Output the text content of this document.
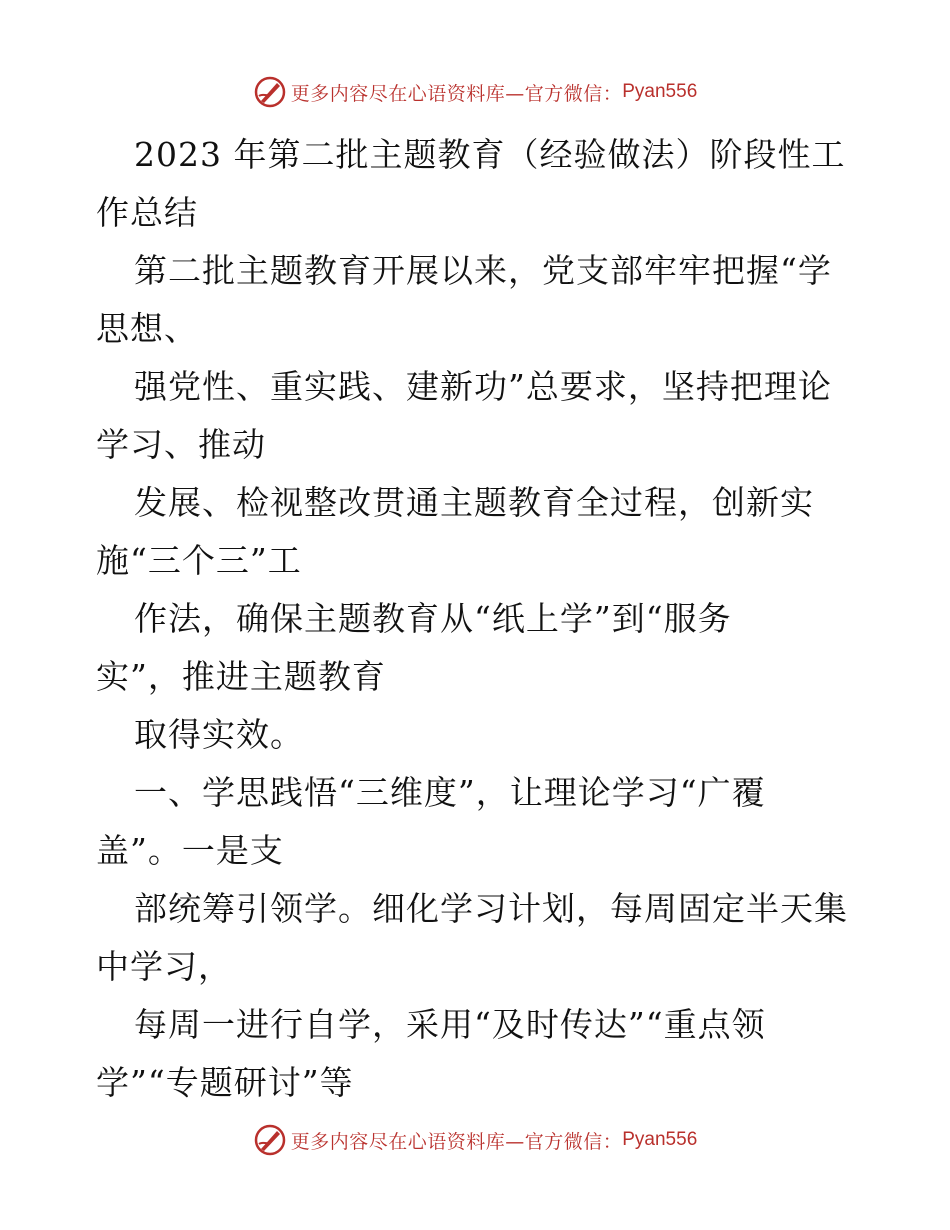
更多内容尽在心语资料库—官方微信： Pyan556
2023 年第二批主题教育（经验做法）阶段性工
作总结
第二批主题教育开展以来，党支部牢牢把握“学
思想、
强党性、重实践、建新功”总要求，坚持把理论
学习、推动
发展、检视整改贯通主题教育全过程，创新实
施“三个三”工
作法，确保主题教育从“纸上学”到“服务
实”，推进主题教育
取得实效。
一、学思践悟“三维度”，让理论学习“广覆
盖”。一是支
部统筹引领学。细化学习计划，每周固定半天集
中学习，
每周一进行自学，采用“及时传达”“重点领
学”“专题研讨”等
更多内容尽在心语资料库—官方微信： Pyan556
